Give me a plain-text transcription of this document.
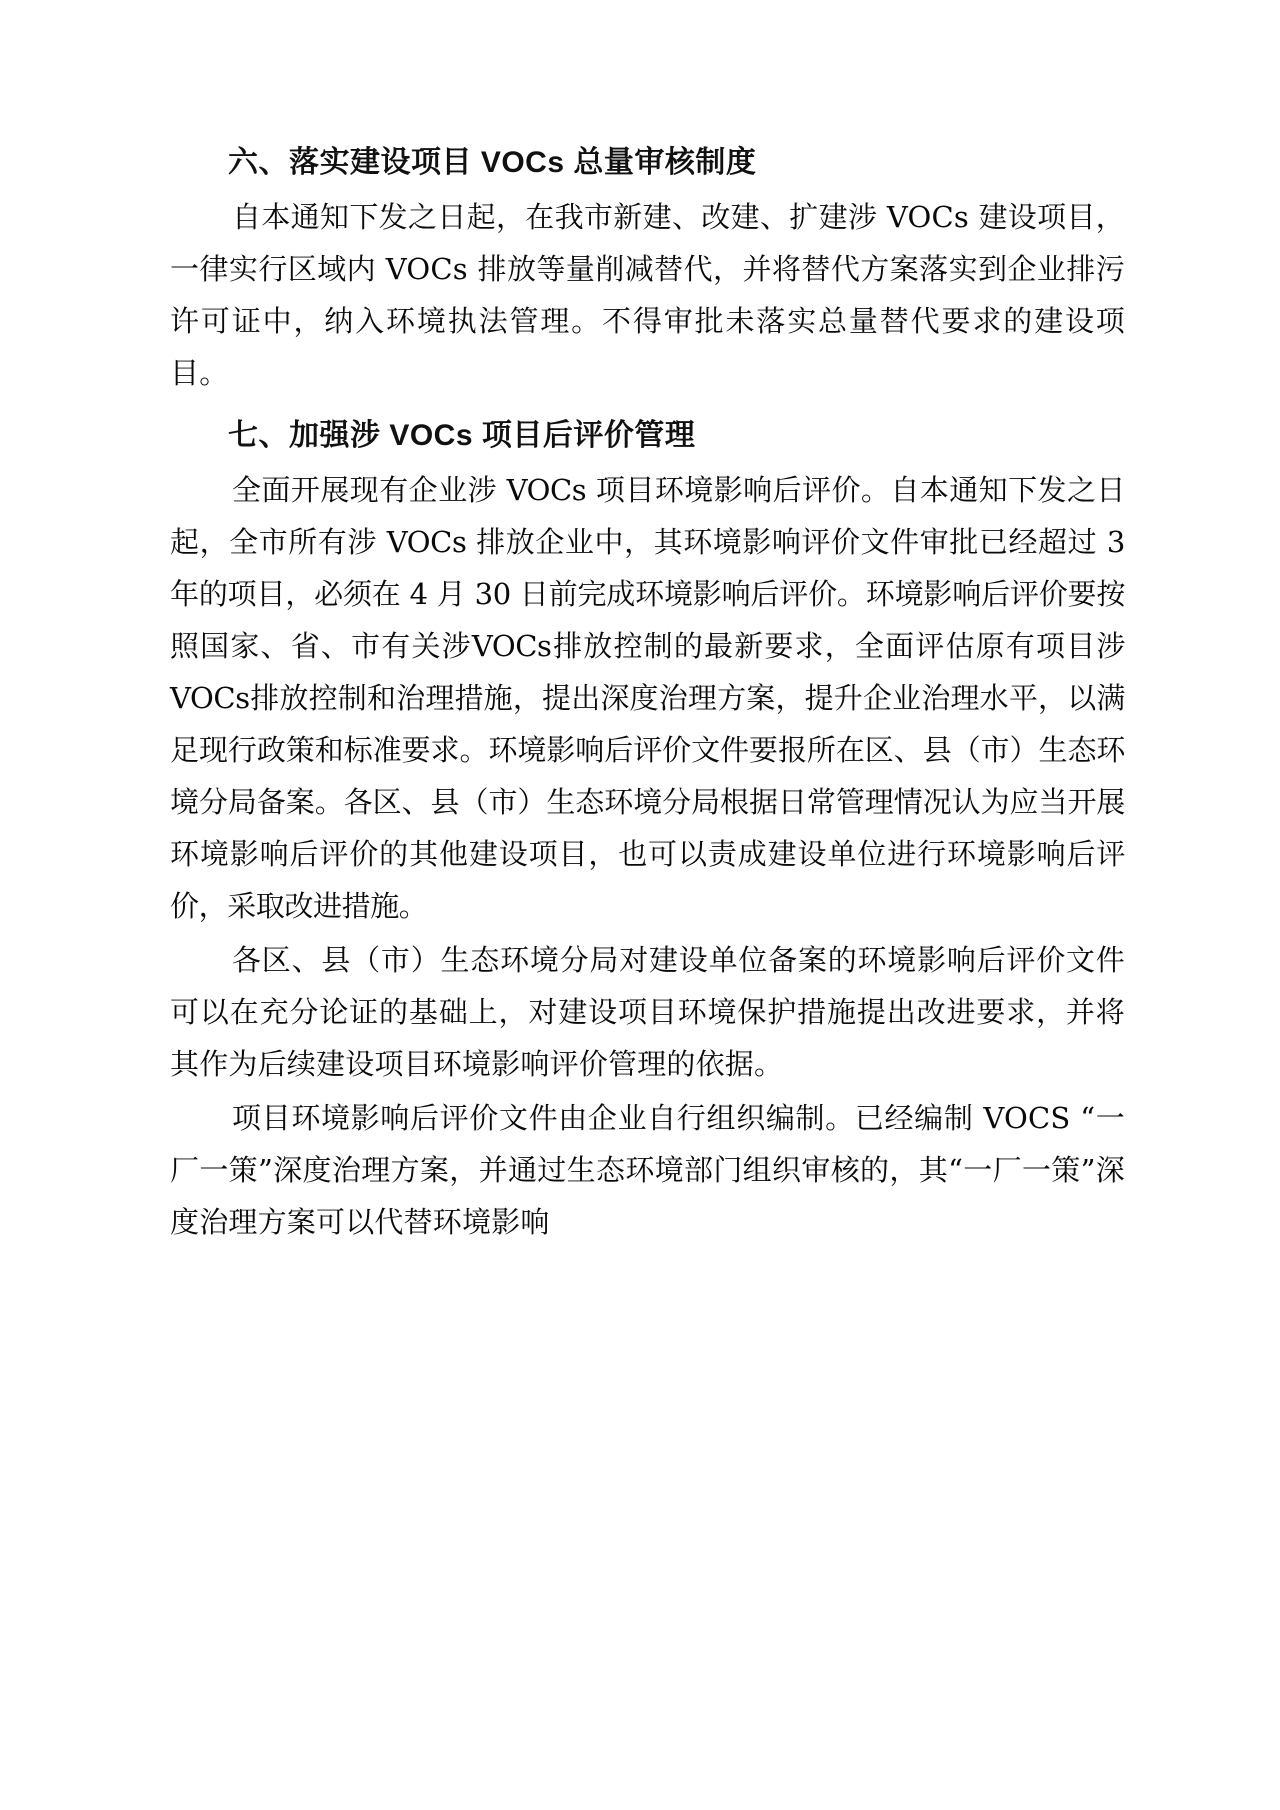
六、落实建设项目 VOCs 总量审核制度

自本通知下发之日起，在我市新建、改建、扩建涉 VOCs 建设项目，一律实行区域内 VOCs 排放等量削减替代，并将替代方案落实到企业排污许可证中，纳入环境执法管理。不得审批未落实总量替代要求的建设项目。

七、加强涉 VOCs 项目后评价管理

全面开展现有企业涉 VOCs 项目环境影响后评价。自本通知下发之日起，全市所有涉 VOCs 排放企业中，其环境影响评价文件审批已经超过 3 年的项目，必须在 4 月 30 日前完成环境影响后评价。环境影响后评价要按照国家、省、市有关涉VOCs排放控制的最新要求，全面评估原有项目涉VOCs排放控制和治理措施，提出深度治理方案，提升企业治理水平，以满足现行政策和标准要求。环境影响后评价文件要报所在区、县（市）生态环境分局备案。各区、县（市）生态环境分局根据日常管理情况认为应当开展环境影响后评价的其他建设项目，也可以责成建设单位进行环境影响后评价，采取改进措施。

各区、县（市）生态环境分局对建设单位备案的环境影响后评价文件可以在充分论证的基础上，对建设项目环境保护措施提出改进要求，并将其作为后续建设项目环境影响评价管理的依据。

项目环境影响后评价文件由企业自行组织编制。已经编制 VOCS “一厂一策”深度治理方案，并通过生态环境部门组织审核的，其“一厂一策”深度治理方案可以代替环境影响
